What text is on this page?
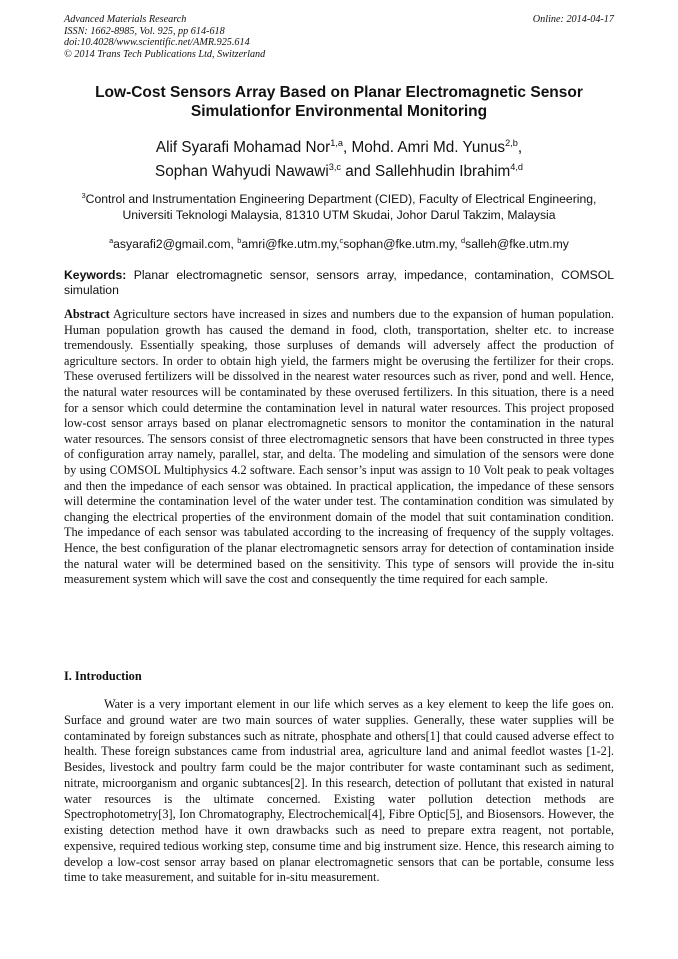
Advanced Materials Research	Online: 2014-04-17
ISSN: 1662-8985, Vol. 925, pp 614-618
doi:10.4028/www.scientific.net/AMR.925.614
© 2014 Trans Tech Publications Ltd, Switzerland
Low-Cost Sensors Array Based on Planar Electromagnetic Sensor Simulationfor Environmental Monitoring
Alif Syarafi Mohamad Nor$^{1,a}$, Mohd. Amri Md. Yunus$^{2,b}$,
Sophan Wahyudi Nawawi$^{3,c}$ and Sallehhudin Ibrahim$^{4,d}$
$^3$Control and Instrumentation Engineering Department (CIED), Faculty of Electrical Engineering,
Universiti Teknologi Malaysia, 81310 UTM Skudai, Johor Darul Takzim, Malaysia
$^a$asyarafi2@gmail.com, $^b$amri@fke.utm.my,$^c$sophan@fke.utm.my, $^d$salleh@fke.utm.my
Keywords: Planar electromagnetic sensor, sensors array, impedance, contamination, COMSOL simulation
Abstract Agriculture sectors have increased in sizes and numbers due to the expansion of human population. Human population growth has caused the demand in food, cloth, transportation, shelter etc. to increase tremendously. Essentially speaking, those surpluses of demands will adversely affect the production of agriculture sectors. In order to obtain high yield, the farmers might be overusing the fertilizer for their crops. These overused fertilizers will be dissolved in the nearest water resources such as river, pond and well. Hence, the natural water resources will be contaminated by these overused fertilizers. In this situation, there is a need for a sensor which could determine the contamination level in natural water resources. This project proposed low-cost sensor arrays based on planar electromagnetic sensors to monitor the contamination in the natural water resources. The sensors consist of three electromagnetic sensors that have been constructed in three types of configuration array namely, parallel, star, and delta. The modeling and simulation of the sensors were done by using COMSOL Multiphysics 4.2 software. Each sensor’s input was assign to 10 Volt peak to peak voltages and then the impedance of each sensor was obtained. In practical application, the impedance of these sensors will determine the contamination level of the water under test. The contamination condition was simulated by changing the electrical properties of the environment domain of the model that suit contamination condition. The impedance of each sensor was tabulated according to the increasing of frequency of the supply voltages. Hence, the best configuration of the planar electromagnetic sensors array for detection of contamination inside the natural water will be determined based on the sensitivity. This type of sensors will provide the in-situ measurement system which will save the cost and consequently the time required for each sample.
I. Introduction
Water is a very important element in our life which serves as a key element to keep the life goes on. Surface and ground water are two main sources of water supplies. Generally, these water supplies will be contaminated by foreign substances such as nitrate, phosphate and others[1] that could caused adverse effect to health. These foreign substances came from industrial area, agriculture land and animal feedlot wastes [1-2]. Besides, livestock and poultry farm could be the major contributer for waste contaminant such as sediment, nitrate, microorganism and organic subtances[2]. In this research, detection of pollutant that existed in natural water resources is the ultimate concerned. Existing water pollution detection methods are Spectrophotometry[3], Ion Chromatography, Electrochemical[4], Fibre Optic[5], and Biosensors. However, the existing detection method have it own drawbacks such as need to prepare extra reagent, not portable, expensive, required tedious working step, consume time and big instrument size. Hence, this research aiming to develop a low-cost sensor array based on planar electromagnetic sensors that can be portable, consume less time to take measurement, and suitable for in-situ measurement.
